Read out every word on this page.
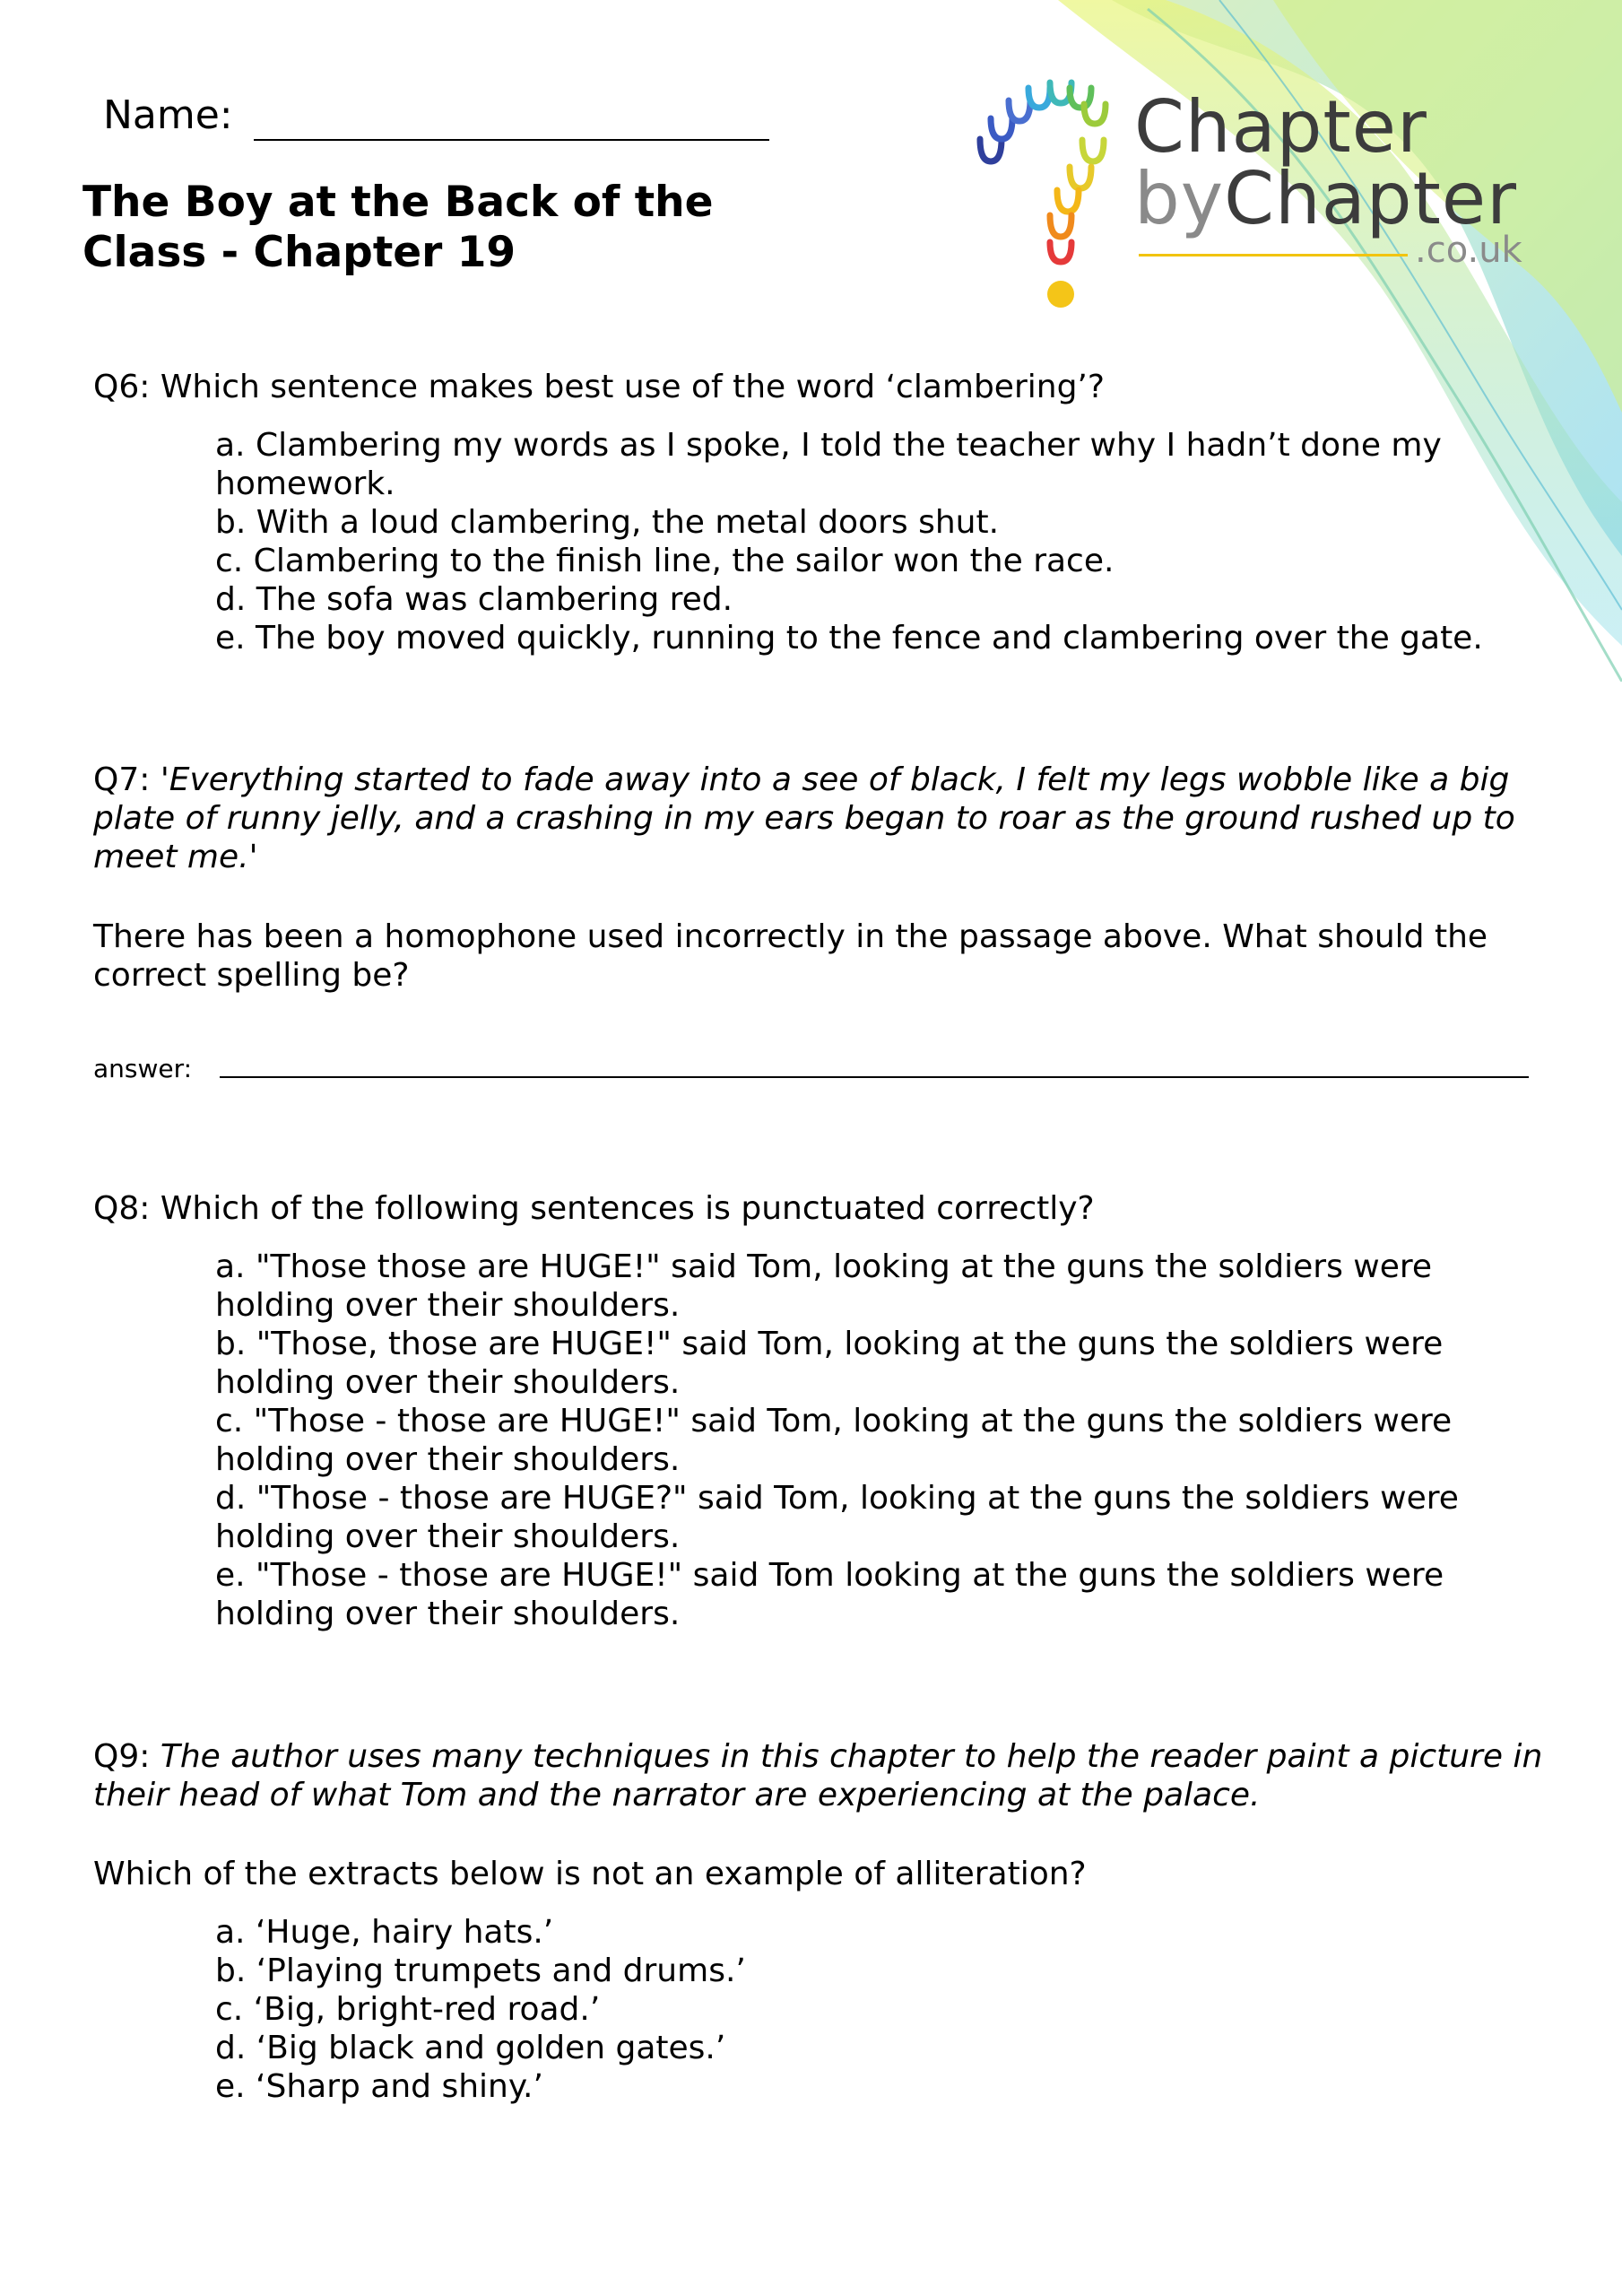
Name:
The Boy at the Back of the Class - Chapter 19
Chapter
byChapter
.co.uk
Q6: Which sentence makes best use of the word ‘clambering’?
a. Clambering my words as I spoke, I told the teacher why I hadn’t done my homework.
b. With a loud clambering, the metal doors shut.
c. Clambering to the finish line, the sailor won the race.
d. The sofa was clambering red.
e. The boy moved quickly, running to the fence and clambering over the gate.
Q7: 'Everything started to fade away into a see of black, I felt my legs wobble like a big plate of runny jelly, and a crashing in my ears began to roar as the ground rushed up to meet me.'
There has been a homophone used incorrectly in the passage above. What should the correct spelling be?
answer:
Q8: Which of the following sentences is punctuated correctly?
a. "Those those are HUGE!" said Tom, looking at the guns the soldiers were holding over their shoulders.
b. "Those, those are HUGE!" said Tom, looking at the guns the soldiers were holding over their shoulders.
c. "Those - those are HUGE!" said Tom, looking at the guns the soldiers were holding over their shoulders.
d. "Those - those are HUGE?" said Tom, looking at the guns the soldiers were holding over their shoulders.
e. "Those - those are HUGE!" said Tom looking at the guns the soldiers were holding over their shoulders.
Q9: The author uses many techniques in this chapter to help the reader paint a picture in their head of what Tom and the narrator are experiencing at the palace.
Which of the extracts below is not an example of alliteration?
a. ‘Huge, hairy hats.’
b. ‘Playing trumpets and drums.’
c. ‘Big, bright-red road.’
d. ‘Big black and golden gates.’
e. ‘Sharp and shiny.’
